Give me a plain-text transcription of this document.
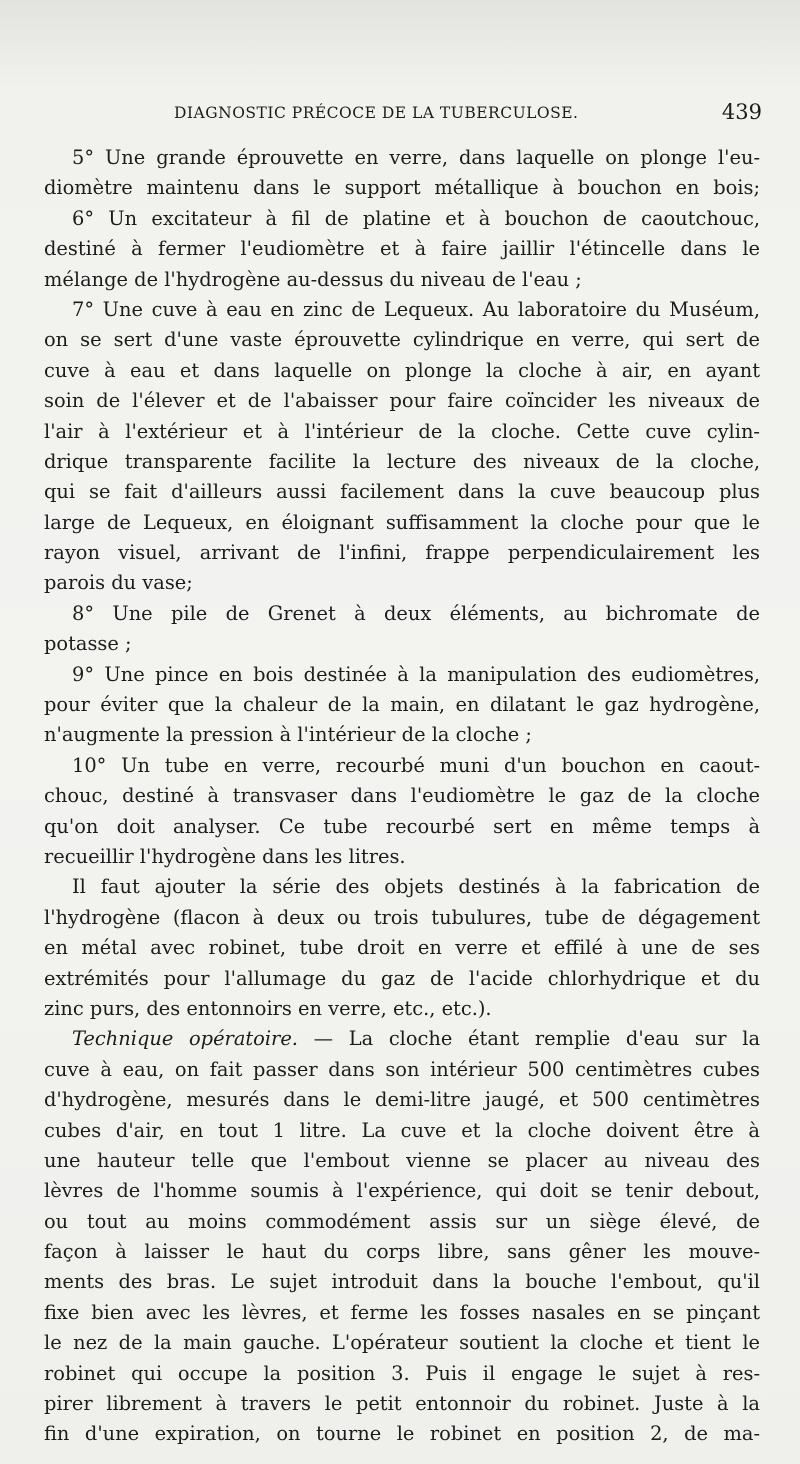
DIAGNOSTIC PRÉCOCE DE LA TUBERCULOSE.	439
5° Une grande éprouvette en verre, dans laquelle on plonge l'eu-
diomètre maintenu dans le support métallique à bouchon en bois;
6° Un excitateur à fil de platine et à bouchon de caoutchouc,
destiné à fermer l'eudiomètre et à faire jaillir l'étincelle dans le
mélange de l'hydrogène au-dessus du niveau de l'eau ;
7° Une cuve à eau en zinc de Lequeux. Au laboratoire du Muséum,
on se sert d'une vaste éprouvette cylindrique en verre, qui sert de
cuve à eau et dans laquelle on plonge la cloche à air, en ayant
soin de l'élever et de l'abaisser pour faire coïncider les niveaux de
l'air à l'extérieur et à l'intérieur de la cloche. Cette cuve cylin-
drique transparente facilite la lecture des niveaux de la cloche,
qui se fait d'ailleurs aussi facilement dans la cuve beaucoup plus
large de Lequeux, en éloignant suffisamment la cloche pour que le
rayon visuel, arrivant de l'infini, frappe perpendiculairement les
parois du vase;
8° Une pile de Grenet à deux éléments, au bichromate de
potasse ;
9° Une pince en bois destinée à la manipulation des eudiomètres,
pour éviter que la chaleur de la main, en dilatant le gaz hydrogène,
n'augmente la pression à l'intérieur de la cloche ;
10° Un tube en verre, recourbé muni d'un bouchon en caout-
chouc, destiné à transvaser dans l'eudiomètre le gaz de la cloche
qu'on doit analyser. Ce tube recourbé sert en même temps à
recueillir l'hydrogène dans les litres.
Il faut ajouter la série des objets destinés à la fabrication de
l'hydrogène (flacon à deux ou trois tubulures, tube de dégagement
en métal avec robinet, tube droit en verre et effilé à une de ses
extrémités pour l'allumage du gaz de l'acide chlorhydrique et du
zinc purs, des entonnoirs en verre, etc., etc.).
Technique opératoire. — La cloche étant remplie d'eau sur la
cuve à eau, on fait passer dans son intérieur 500 centimètres cubes
d'hydrogène, mesurés dans le demi-litre jaugé, et 500 centimètres
cubes d'air, en tout 1 litre. La cuve et la cloche doivent être à
une hauteur telle que l'embout vienne se placer au niveau des
lèvres de l'homme soumis à l'expérience, qui doit se tenir debout,
ou tout au moins commodément assis sur un siège élevé, de
façon à laisser le haut du corps libre, sans gêner les mouve-
ments des bras. Le sujet introduit dans la bouche l'embout, qu'il
fixe bien avec les lèvres, et ferme les fosses nasales en se pinçant
le nez de la main gauche. L'opérateur soutient la cloche et tient le
robinet qui occupe la position 3. Puis il engage le sujet à res-
pirer librement à travers le petit entonnoir du robinet. Juste à la
fin d'une expiration, on tourne le robinet en position 2, de ma-
